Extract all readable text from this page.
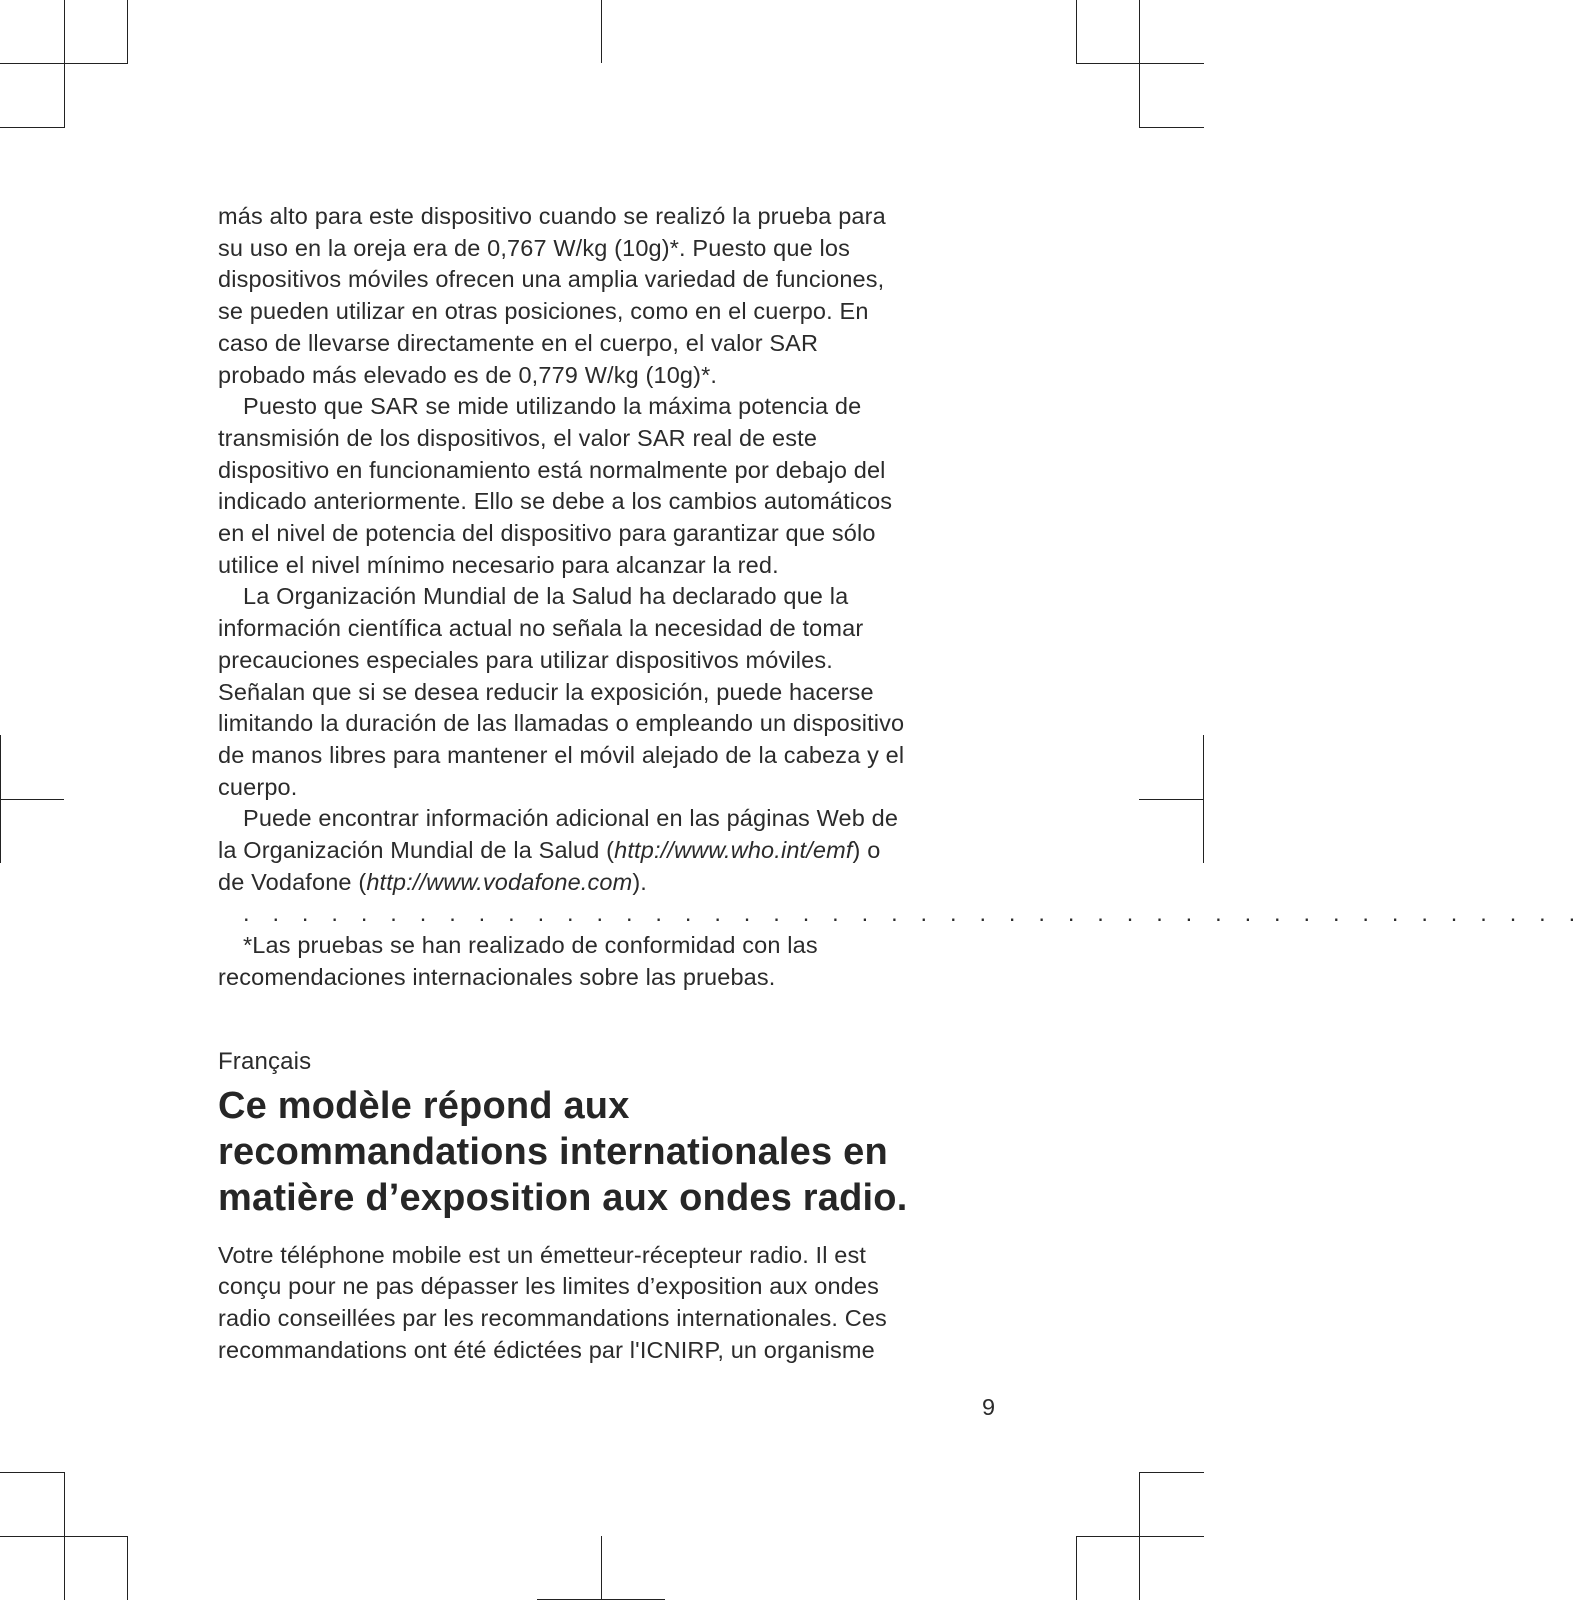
más alto para este dispositivo cuando se realizó la prueba para
su uso en la oreja era de 0,767 W/kg (10g)*. Puesto que los
dispositivos móviles ofrecen una amplia variedad de funciones,
se pueden utilizar en otras posiciones, como en el cuerpo. En
caso de llevarse directamente en el cuerpo, el valor SAR
probado más elevado es de 0,779 W/kg (10g)*.
Puesto que SAR se mide utilizando la máxima potencia de
transmisión de los dispositivos, el valor SAR real de este
dispositivo en funcionamiento está normalmente por debajo del
indicado anteriormente. Ello se debe a los cambios automáticos
en el nivel de potencia del dispositivo para garantizar que sólo
utilice el nivel mínimo necesario para alcanzar la red.
La Organización Mundial de la Salud ha declarado que la
información científica actual no señala la necesidad de tomar
precauciones especiales para utilizar dispositivos móviles.
Señalan que si se desea reducir la exposición, puede hacerse
limitando la duración de las llamadas o empleando un dispositivo
de manos libres para mantener el móvil alejado de la cabeza y el
cuerpo.
Puede encontrar información adicional en las páginas Web de
la Organización Mundial de la Salud (http://www.who.int/emf) o
de Vodafone (http://www.vodafone.com).
. . . . . . . . . . . . . . . . . . . . . . . . . . . . . . . . . . . . . . . . . . . . . .
*Las pruebas se han realizado de conformidad con las
recomendaciones internacionales sobre las pruebas.
Français
Ce modèle répond aux
recommandations internationales en
matière d’exposition aux ondes radio.
Votre téléphone mobile est un émetteur-récepteur radio. Il est
conçu pour ne pas dépasser les limites d’exposition aux ondes
radio conseillées par les recommandations internationales. Ces
recommandations ont été édictées par l'ICNIRP, un organisme
9
